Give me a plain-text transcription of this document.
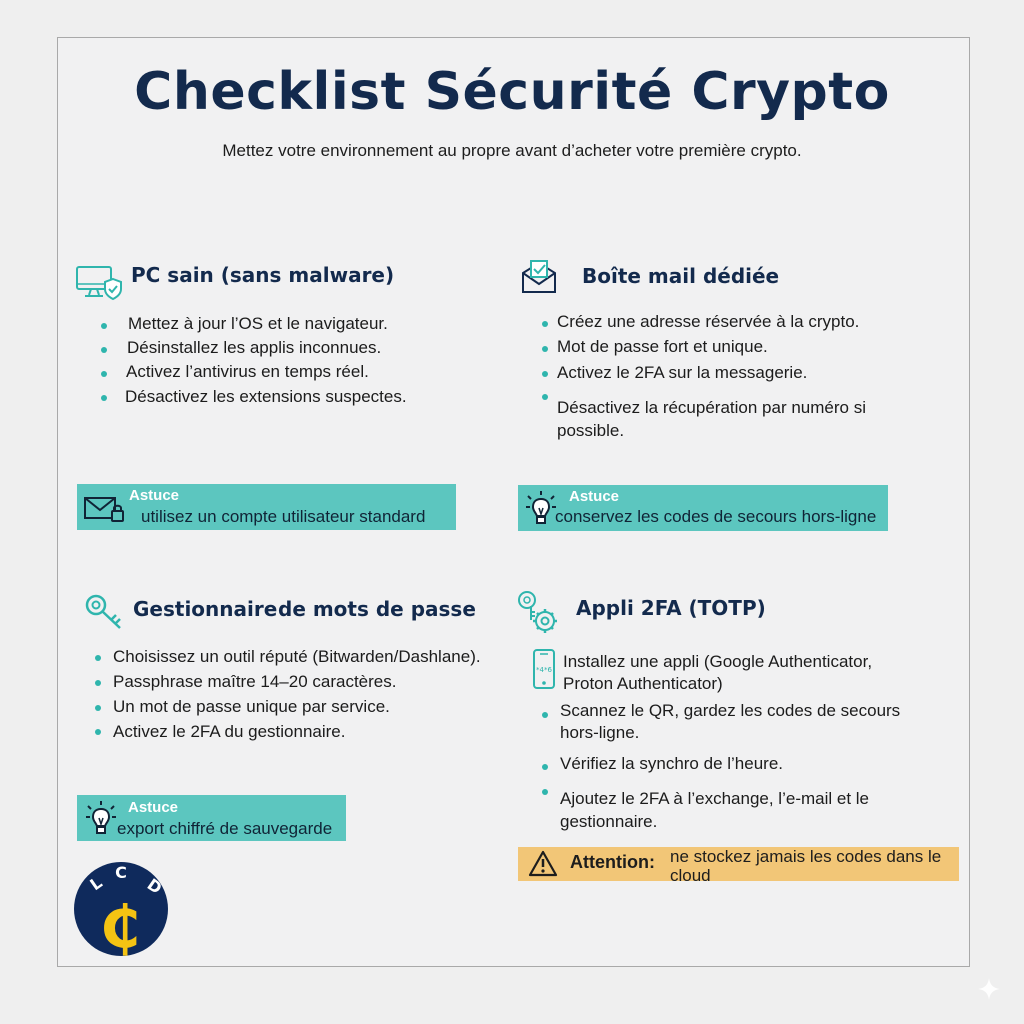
Checklist Sécurité Crypto
Mettez votre environnement au propre avant d’acheter votre première crypto.
PC sain (sans malware)
Mettez à jour l’OS et le navigateur.
Désinstallez les applis inconnues.
Activez l’antivirus en temps réel.
Désactivez les extensions suspectes.
Astuce
utilisez un compte utilisateur standard
Boîte mail dédiée
Créez une adresse réservée à la crypto.
Mot de passe fort et unique.
Activez le 2FA sur la messagerie.
Désactivez la récupération par numéro si
possible.
Astuce
conservez les codes de secours hors-ligne
Gestionnaire de mots de passe
Choisissez un outil réputé (Bitwarden/Dashlane).
Passphrase maître 14–20 caractères.
Un mot de passe unique par service.
Activez le 2FA du gestionnaire.
Astuce
export chiffré de sauvegarde
Appli 2FA (TOTP)
*4*6 Installez une appli (Google Authenticator,
Proton Authenticator)
Scannez le QR, gardez les codes de secours
hors-ligne.
Vérifiez la synchro de l’heure.
Ajoutez le 2FA à l’exchange, l’e-mail et le
gestionnaire.
Attention: ne stockez jamais les codes dans le cloud
L
C
D
₵
